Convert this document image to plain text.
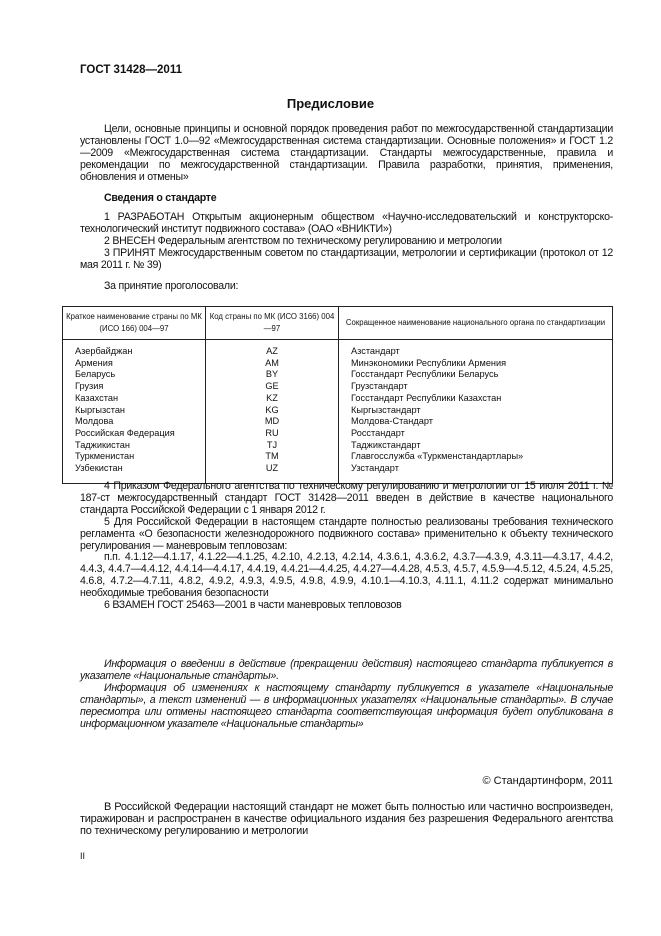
ГОСТ 31428—2011
Предисловие

Цели, основные принципы и основной порядок проведения работ по межгосударственной стандартизации установлены ГОСТ 1.0—92 «Межгосударственная система стандартизации. Основные положения» и ГОСТ 1.2—2009 «Межгосударственная система стандартизации. Стандарты межгосударственные, правила и рекомендации по межгосударственной стандартизации. Правила разработки, принятия, применения, обновления и отмены»

Сведения о стандарте

1 РАЗРАБОТАН Открытым акционерным обществом «Научно-исследовательский и конструкторско-технологический институт подвижного состава» (ОАО «ВНИКТИ»)

2 ВНЕСЕН Федеральным агентством по техническому регулированию и метрологии

3 ПРИНЯТ Межгосударственным советом по стандартизации, метрологии и сертификации (протокол от 12 мая 2011 г. № 39)

За принятие проголосовали:

Краткое наименование страны по МК (ИСО 166) 004—97	Код страны по МК (ИСО 3166) 004—97	Сокращенное наименование национального органа по стандартизации
Азербайджан	AZ	Азстандарт
Армения	AM	Минэкономики Республики Армения
Беларусь	BY	Госстандарт Республики Беларусь
Грузия	GE	Грузстандарт
Казахстан	KZ	Госстандарт Республики Казахстан
Кыргызстан	KG	Кыргызстандарт
Молдова	MD	Молдова-Стандарт
Российская Федерация	RU	Росстандарт
Таджикистан	TJ	Таджикстандарт
Туркменистан	TM	Главгосслужба «Туркменстандартлары»
Узбекистан	UZ	Узстандарт

4 Приказом Федерального агентства по техническому регулированию и метрологии от 15 июля 2011 г. № 187-ст межгосударственный стандарт ГОСТ 31428—2011 введен в действие в качестве национального стандарта Российской Федерации с 1 января 2012 г.

5 Для Российской Федерации в настоящем стандарте полностью реализованы требования технического регламента «О безопасности железнодорожного подвижного состава» применительно к объекту технического регулирования — маневровым тепловозам:

п.п. 4.1.12—4.1.17, 4.1.22—4.1.25, 4.2.10, 4.2.13, 4.2.14, 4.3.6.1, 4.3.6.2, 4.3.7—4.3.9, 4.3.11—4.3.17, 4.4.2, 4.4.3, 4.4.7—4.4.12, 4.4.14—4.4.17, 4.4.19, 4.4.21—4.4.25, 4.4.27—4.4.28, 4.5.3, 4.5.7, 4.5.9—4.5.12, 4.5.24, 4.5.25, 4.6.8, 4.7.2—4.7.11, 4.8.2, 4.9.2, 4.9.3, 4.9.5, 4.9.8, 4.9.9, 4.10.1—4.10.3, 4.11.1, 4.11.2 содержат минимально необходимые требования безопасности

6 ВЗАМЕН ГОСТ 25463—2001 в части маневровых тепловозов

Информация о введении в действие (прекращении действия) настоящего стандарта публикуется в указателе «Национальные стандарты».

Информация об изменениях к настоящему стандарту публикуется в указателе «Национальные стандарты», а текст изменений — в информационных указателях «Национальные стандарты». В случае пересмотра или отмены настоящего стандарта соответствующая информация будет опубликована в информационном указателе «Национальные стандарты»

© Стандартинформ, 2011

В Российской Федерации настоящий стандарт не может быть полностью или частично воспроизведен, тиражирован и распространен в качестве официального издания без разрешения Федерального агентства по техническому регулированию и метрологии

II
